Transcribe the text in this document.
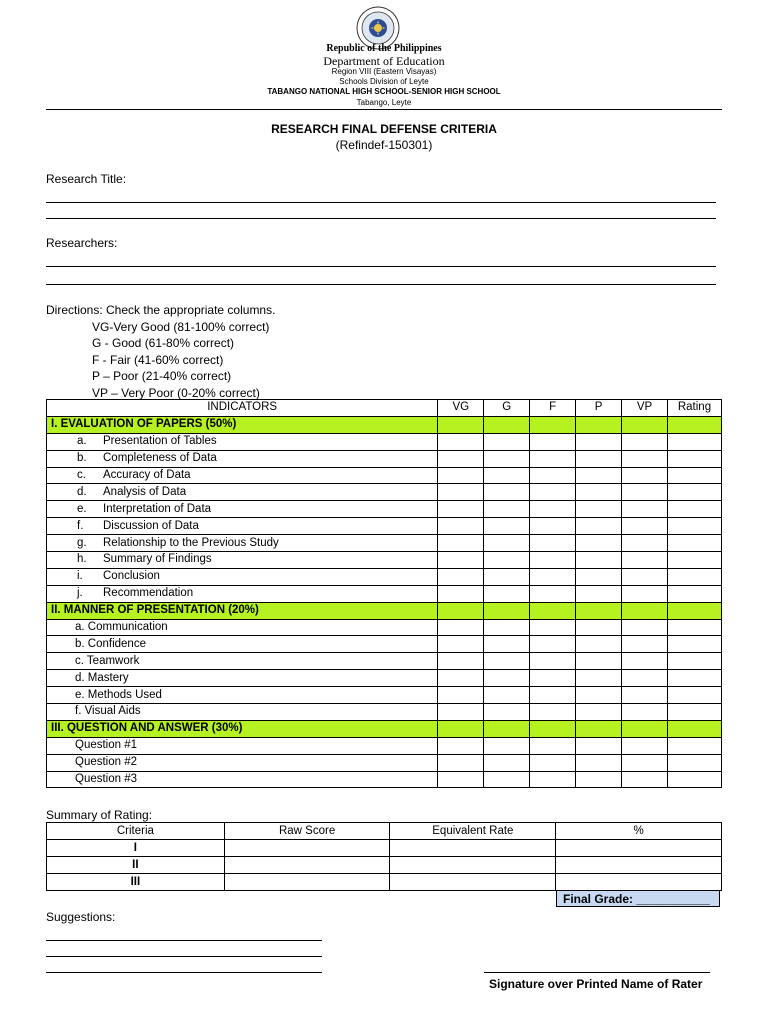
Republic of the Philippines
Department of Education
Region VIII (Eastern Visayas)
Schools Division of Leyte
TABANGO NATIONAL HIGH SCHOOL-SENIOR HIGH SCHOOL
Tabango, Leyte
RESEARCH FINAL DEFENSE CRITERIA
(Refindef-150301)
Research Title:
Researchers:
Directions: Check the appropriate columns.
VG-Very Good (81-100% correct)
G - Good (61-80% correct)
F - Fair (41-60% correct)
P – Poor (21-40% correct)
VP – Very Poor (0-20% correct)
INDICATORS	VG	G	F	P	VP	Rating
I. EVALUATION OF PAPERS (50%)						
a. Presentation of Tables						
b. Completeness of Data						
c. Accuracy of Data						
d. Analysis of Data						
e. Interpretation of Data						
f. Discussion of Data						
g. Relationship to the Previous Study						
h. Summary of Findings						
i. Conclusion						
j. Recommendation						
II. MANNER OF PRESENTATION (20%)						
a. Communication						
b. Confidence						
c. Teamwork						
d. Mastery						
e. Methods Used						
f. Visual Aids						
III. QUESTION AND ANSWER (30%)						
Question #1						
Question #2						
Question #3						
Summary of Rating:
Criteria	Raw Score	Equivalent Rate	%
I			
II			
III			
Final Grade: ___________
Suggestions:
Signature over Printed Name of Rater
